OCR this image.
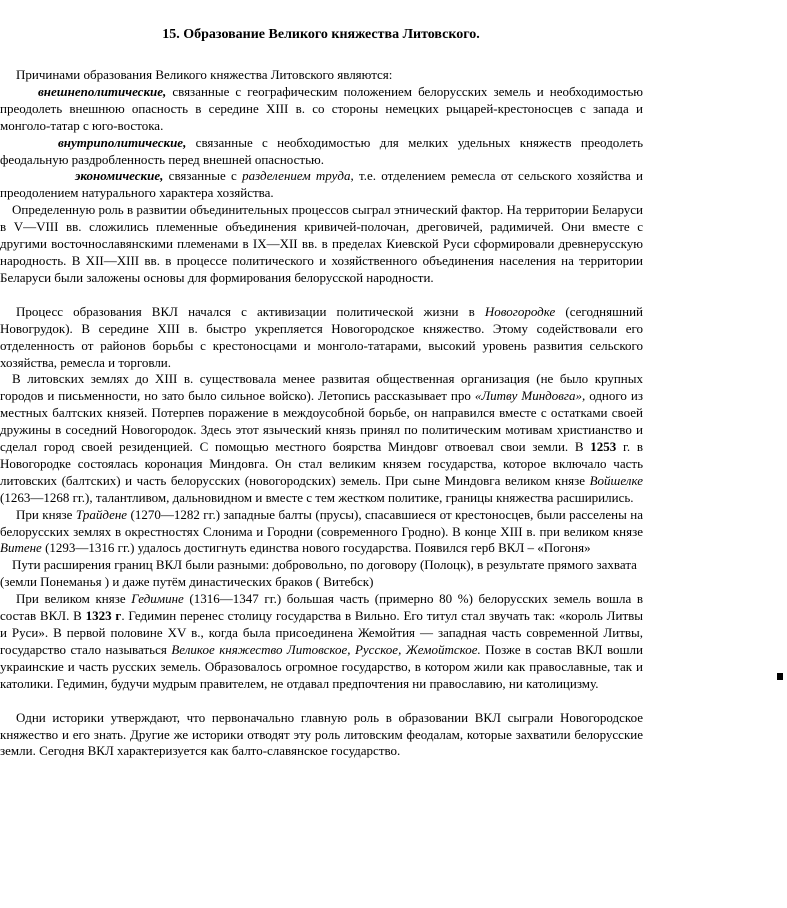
15. Образование Великого княжества Литовского.

Причинами образования Великого княжества Литовского являются:

внешнеполитические, связанные с географическим положением белорусских земель и необходимостью преодолеть внешнюю опасность в середине XIII в. со стороны немецких рыцарей-крестоносцев с запада и монголо-татар с юго-востока.

внутриполитические, связанные с необходимостью для мелких удельных княжеств преодолеть феодальную раздробленность перед внешней опасностью.

экономические, связанные с разделением труда, т.е. отделением ремесла от сельского хозяйства и преодолением натурального характера хозяйства.

Определенную роль в развитии объединительных процессов сыграл этнический фактор. На территории Беларуси в V—VIII вв. сложились племенные объединения кривичей-полочан, дреговичей, радимичей. Они вместе с другими восточнославянскими племенами в IX—XII вв. в пределах Киевской Руси сформировали древнерусскую народность. В XII—XIII вв. в процессе политического и хозяйственного объединения населения на территории Беларуси были заложены основы для формирования белорусской народности.

Процесс образования ВКЛ начался с активизации политической жизни в Новогородке (сегодняшний Новогрудок). В середине XIII в. быстро укрепляется Новогородское княжество. Этому содействовали его отделенность от районов борьбы с крестоносцами и монголо-татарами, высокий уровень развития сельского хозяйства, ремесла и торговли.

В литовских землях до XIII в. существовала менее развитая общественная организация (не было крупных городов и письменности, но зато было сильное войско). Летопись рассказывает про «Литву Миндовга», одного из местных балтских князей. Потерпев поражение в междоусобной борьбе, он направился вместе с остатками своей дружины в соседний Новогородок. Здесь этот языческий князь принял по политическим мотивам христианство и сделал город своей резиденцией. С помощью местного боярства Миндовг отвоевал свои земли. В 1253 г. в Новогородке состоялась коронация Миндовга. Он стал великим князем государства, которое включало часть литовских (балтских) и часть белорусских (новогородских) земель. При сыне Миндовга великом князе Войшелке (1263—1268 гг.), талантливом, дальновидном и вместе с тем жестком политике, границы княжества расширились.

При князе Трайдене (1270—1282 гг.) западные балты (прусы), спасавшиеся от крестоносцев, были расселены на белорусских землях в окрестностях Слонима и Городни (современного Гродно). В конце XIII в. при великом князе Витене (1293—1316 гг.) удалось достигнуть единства нового государства. Появился герб ВКЛ – «Погоня»

Пути расширения границ ВКЛ были разными: добровольно, по договору (Полоцк), в результате прямого захвата (земли Понеманья ) и даже путём династических браков ( Витебск)

При великом князе Гедимине (1316—1347 гг.) большая часть (примерно 80 %) белорусских земель вошла в состав ВКЛ. В 1323 г. Гедимин перенес столицу государства в Вильно. Его титул стал звучать так: «король Литвы и Руси». В первой половине XV в., когда была присоединена Жемойтия — западная часть современной Литвы, государство стало называться Великое княжество Литовское, Русское, Жемойтское. Позже в состав ВКЛ вошли украинские и часть русских земель. Образовалось огромное государство, в котором жили как православные, так и католики. Гедимин, будучи мудрым правителем, не отдавал предпочтения ни православию, ни католицизму.

Одни историки утверждают, что первоначально главную роль в образовании ВКЛ сыграли Новогородское княжество и его знать. Другие же историки отводят эту роль литовским феодалам, которые захватили белорусские земли. Сегодня ВКЛ характеризуется как балто-славянское государство.
